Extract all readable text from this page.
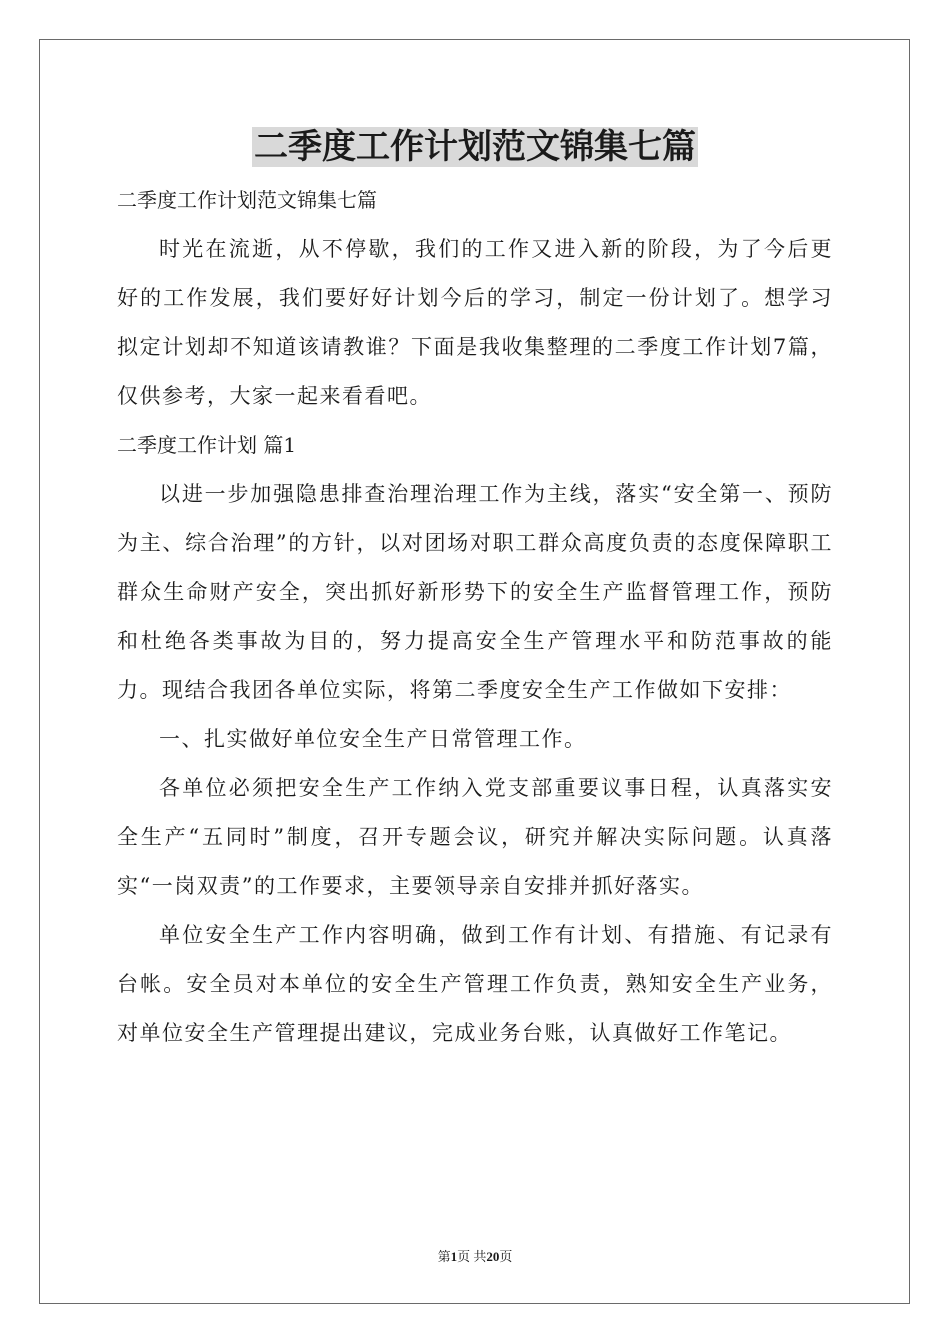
二季度工作计划范文锦集七篇

二季度工作计划范文锦集七篇

时光在流逝，从不停歇，我们的工作又进入新的阶段，为了今后更好的工作发展，我们要好好计划今后的学习，制定一份计划了。想学习拟定计划却不知道该请教谁？下面是我收集整理的二季度工作计划7篇，仅供参考，大家一起来看看吧。

二季度工作计划 篇1

以进一步加强隐患排查治理治理工作为主线，落实“安全第一、预防为主、综合治理”的方针，以对团场对职工群众高度负责的态度保障职工群众生命财产安全，突出抓好新形势下的安全生产监督管理工作，预防和杜绝各类事故为目的，努力提高安全生产管理水平和防范事故的能力。现结合我团各单位实际，将第二季度安全生产工作做如下安排：

一、扎实做好单位安全生产日常管理工作。

各单位必须把安全生产工作纳入党支部重要议事日程，认真落实安全生产“五同时”制度，召开专题会议，研究并解决实际问题。认真落实“一岗双责”的工作要求，主要领导亲自安排并抓好落实。

单位安全生产工作内容明确，做到工作有计划、有措施、有记录有台帐。安全员对本单位的安全生产管理工作负责，熟知安全生产业务，对单位安全生产管理提出建议，完成业务台账，认真做好工作笔记。

第1页 共20页
